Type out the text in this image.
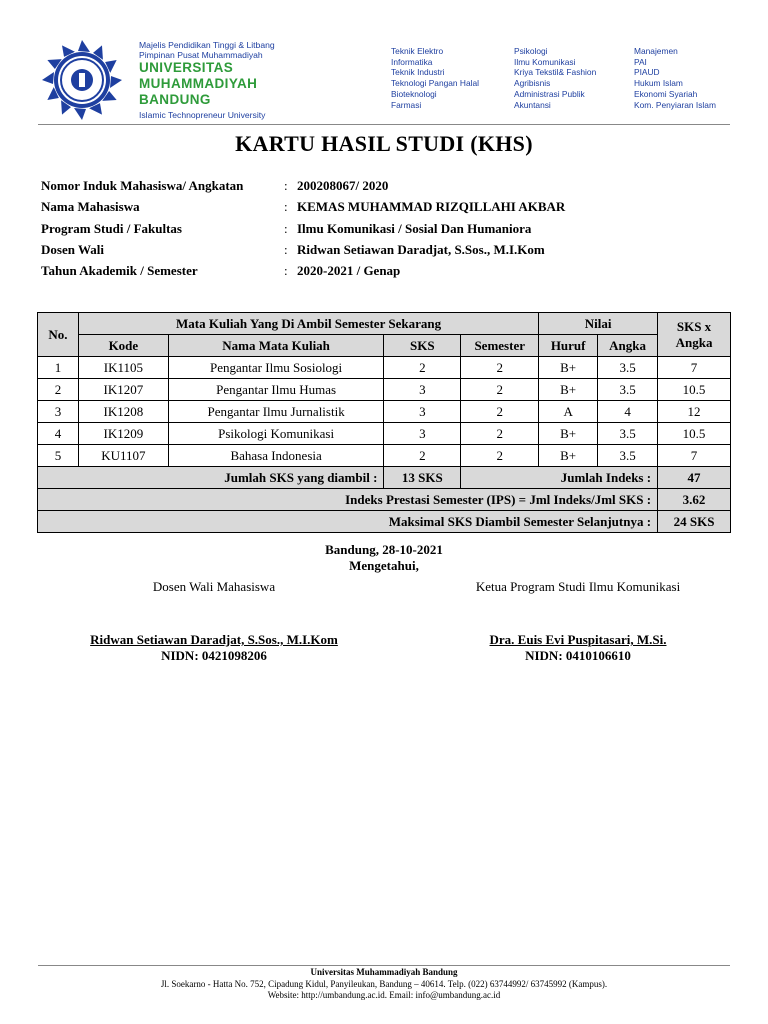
Majelis Pendidikan Tinggi & Litbang
Pimpinan Pusat Muhammadiyah
UNIVERSITAS
MUHAMMADIYAH
BANDUNG
Islamic Technopreneur University
Teknik Elektro
Informatika
Teknik Industri
Teknologi Pangan Halal
Bioteknologi
Farmasi
Psikologi
Ilmu Komunikasi
Kriya Tekstil& Fashion
Agribisnis
Administrasi Publik
Akuntansi
Manajemen
PAI
PIAUD
Hukum Islam
Ekonomi Syariah
Kom. Penyiaran Islam
KARTU HASIL STUDI (KHS)
Nomor Induk Mahasiswa/ Angkatan	: 200208067/ 2020
Nama Mahasiswa	: KEMAS MUHAMMAD RIZQILLAHI AKBAR
Program Studi / Fakultas	: Ilmu Komunikasi / Sosial Dan Humaniora
Dosen Wali	: Ridwan Setiawan Daradjat, S.Sos., M.I.Kom
Tahun Akademik / Semester	: 2020-2021 / Genap
No.	Mata Kuliah Yang Di Ambil Semester Sekarang				Nilai		SKS x
Angka

	Kode	Nama Mata Kuliah	SKS	Semester	Huruf	Angka	
1	IK1105	Pengantar Ilmu Sosiologi	2	2	B+	3.5	7
2	IK1207	Pengantar Ilmu Humas	3	2	B+	3.5	10.5
3	IK1208	Pengantar Ilmu Jurnalistik	3	2	A	4	12
4	IK1209	Psikologi Komunikasi	3	2	B+	3.5	10.5
5	KU1107	Bahasa Indonesia	2	2	B+	3.5	7
Jumlah SKS yang diambil :			13 SKS	Jumlah Indeks :			47
Indeks Prestasi Semester (IPS) = Jml Indeks/Jml SKS :							3.62
Maksimal SKS Diambil Semester Selanjutnya :							24 SKS
Bandung, 28-10-2021
Mengetahui,
Dosen Wali Mahasiswa	Ketua Program Studi Ilmu Komunikasi
Ridwan Setiawan Daradjat, S.Sos., M.I.Kom
NIDN: 0421098206
Dra. Euis Evi Puspitasari, M.Si.
NIDN: 0410106610
Universitas Muhammadiyah Bandung
Jl. Soekarno - Hatta No. 752, Cipadung Kidul, Panyileukan, Bandung – 40614. Telp. (022) 63744992/ 63745992 (Kampus).
Website: http://umbandung.ac.id. Email: info@umbandung.ac.id
